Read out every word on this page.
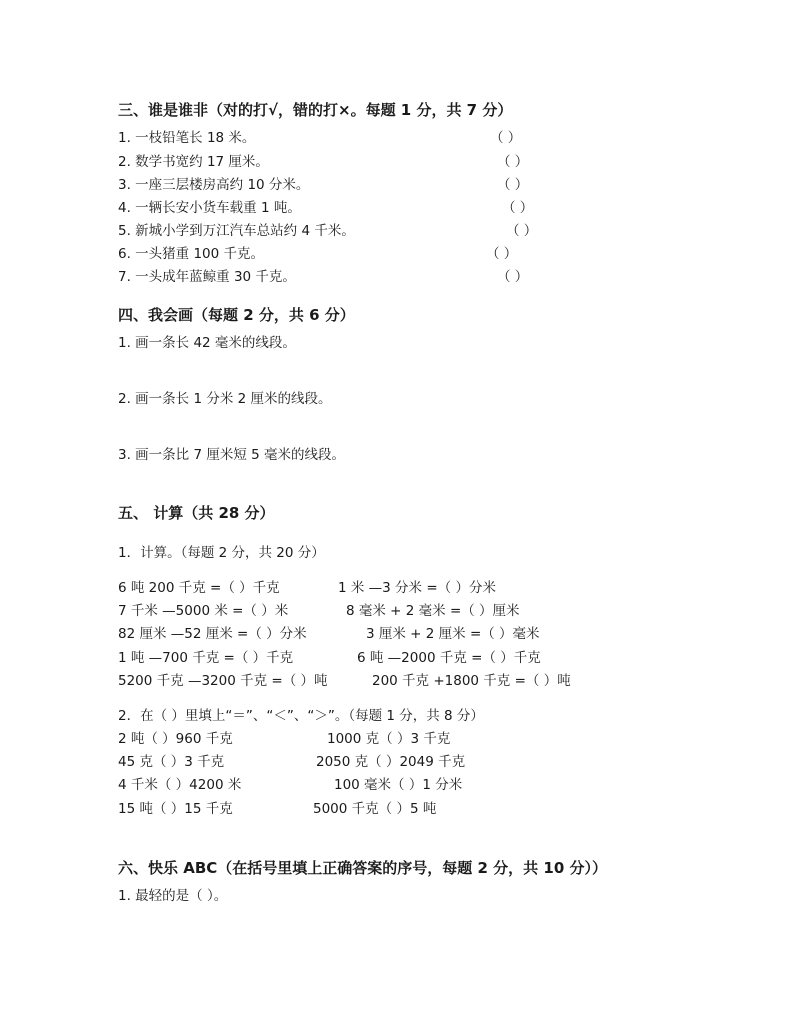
三、谁是谁非（对的打√，错的打×。每题 1 分，共 7 分）
1. 一枝铅笔长 18 米。	（ ）
2. 数学书宽约 17 厘米。	（ ）
3. 一座三层楼房高约 10 分米。	（ ）
4. 一辆长安小货车载重 1 吨。	（ ）
5. 新城小学到万江汽车总站约 4 千米。	（ ）
6. 一头猪重 100 千克。	（ ）
7. 一头成年蓝鲸重 30 千克。	（ ）
四、我会画（每题 2 分，共 6 分）
1. 画一条长 42 毫米的线段。
2. 画一条长 1 分米 2 厘米的线段。
3. 画一条比 7 厘米短 5 毫米的线段。
五、 计算（共 28 分）
1．计算。（每题 2 分，共 20 分）
6 吨 200 千克 =（ ）千克	1 米 —3 分米 =（ ）分米
7 千米 —5000 米 =（ ）米	8 毫米 + 2 毫米 =（ ）厘米
82 厘米 —52 厘米 =（ ）分米	3 厘米 + 2 厘米 =（ ）毫米
1 吨 —700 千克 =（ ）千克	6 吨 —2000 千克 =（ ）千克
5200 千克 —3200 千克 =（ ）吨	200 千克 +1800 千克 =（ ）吨
2．在（ ）里填上“＝”、“＜”、“＞”。（每题 1 分，共 8 分）
2 吨（ ）960 千克	1000 克（ ）3 千克
45 克（ ）3 千克	2050 克（ ）2049 千克
4 千米（ ）4200 米	100 毫米（ ）1 分米
15 吨（ ）15 千克	5000 千克（ ）5 吨
六、快乐 ABC（在括号里填上正确答案的序号，每题 2 分，共 10 分））
1. 最轻的是（ ）。
